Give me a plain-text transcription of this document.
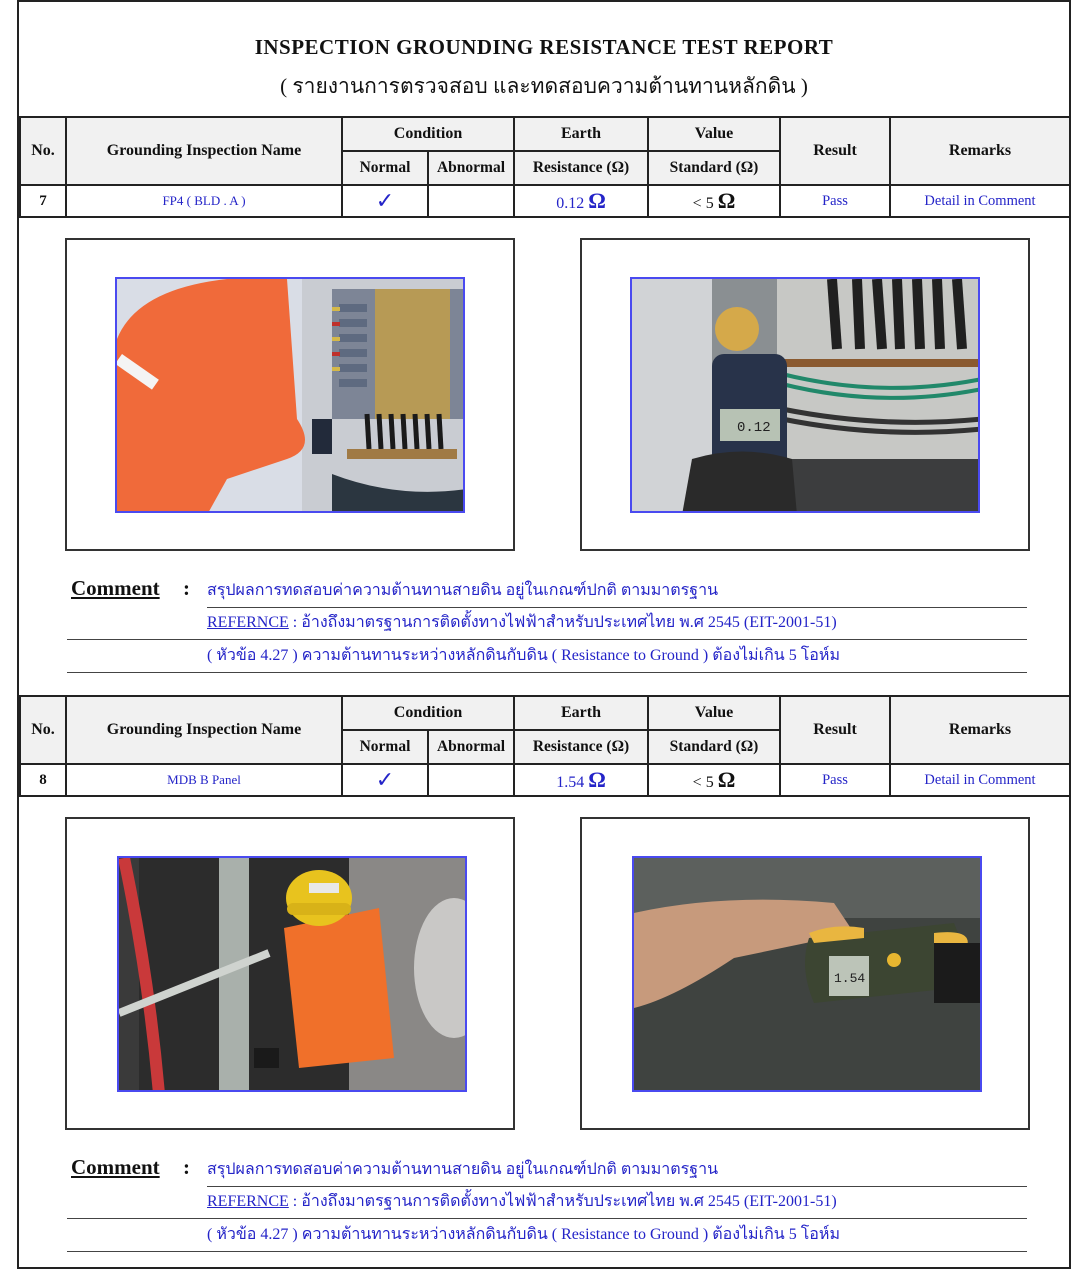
INSPECTION GROUNDING RESISTANCE TEST REPORT
( รายงานการตรวจสอบ และทดสอบความต้านทานหลักดิน )
No.	Grounding Inspection Name	Condition		Earth	Value	Result	Remarks
		Normal	Abnormal	Resistance (Ω)	Standard (Ω)		
7	FP4 ( BLD . A )	✓		0.12 Ω	< 5 Ω	Pass	Detail in Comment
0.12
Comment : สรุปผลการทดสอบค่าความต้านทานสายดิน อยู่ในเกณฑ์ปกติ ตามมาตรฐาน
REFERNCE : อ้างถึงมาตรฐานการติดตั้งทางไฟฟ้าสำหรับประเทศไทย พ.ศ 2545 (EIT-2001-51)
( หัวข้อ 4.27 ) ความต้านทานระหว่างหลักดินกับดิน ( Resistance to Ground ) ต้องไม่เกิน 5 โอห์ม
No.	Grounding Inspection Name	Condition		Earth	Value	Result	Remarks
		Normal	Abnormal	Resistance (Ω)	Standard (Ω)		
8	MDB B Panel	✓		1.54 Ω	< 5 Ω	Pass	Detail in Comment
1.54
Comment : สรุปผลการทดสอบค่าความต้านทานสายดิน อยู่ในเกณฑ์ปกติ ตามมาตรฐาน
REFERNCE : อ้างถึงมาตรฐานการติดตั้งทางไฟฟ้าสำหรับประเทศไทย พ.ศ 2545 (EIT-2001-51)
( หัวข้อ 4.27 ) ความต้านทานระหว่างหลักดินกับดิน ( Resistance to Ground ) ต้องไม่เกิน 5 โอห์ม
